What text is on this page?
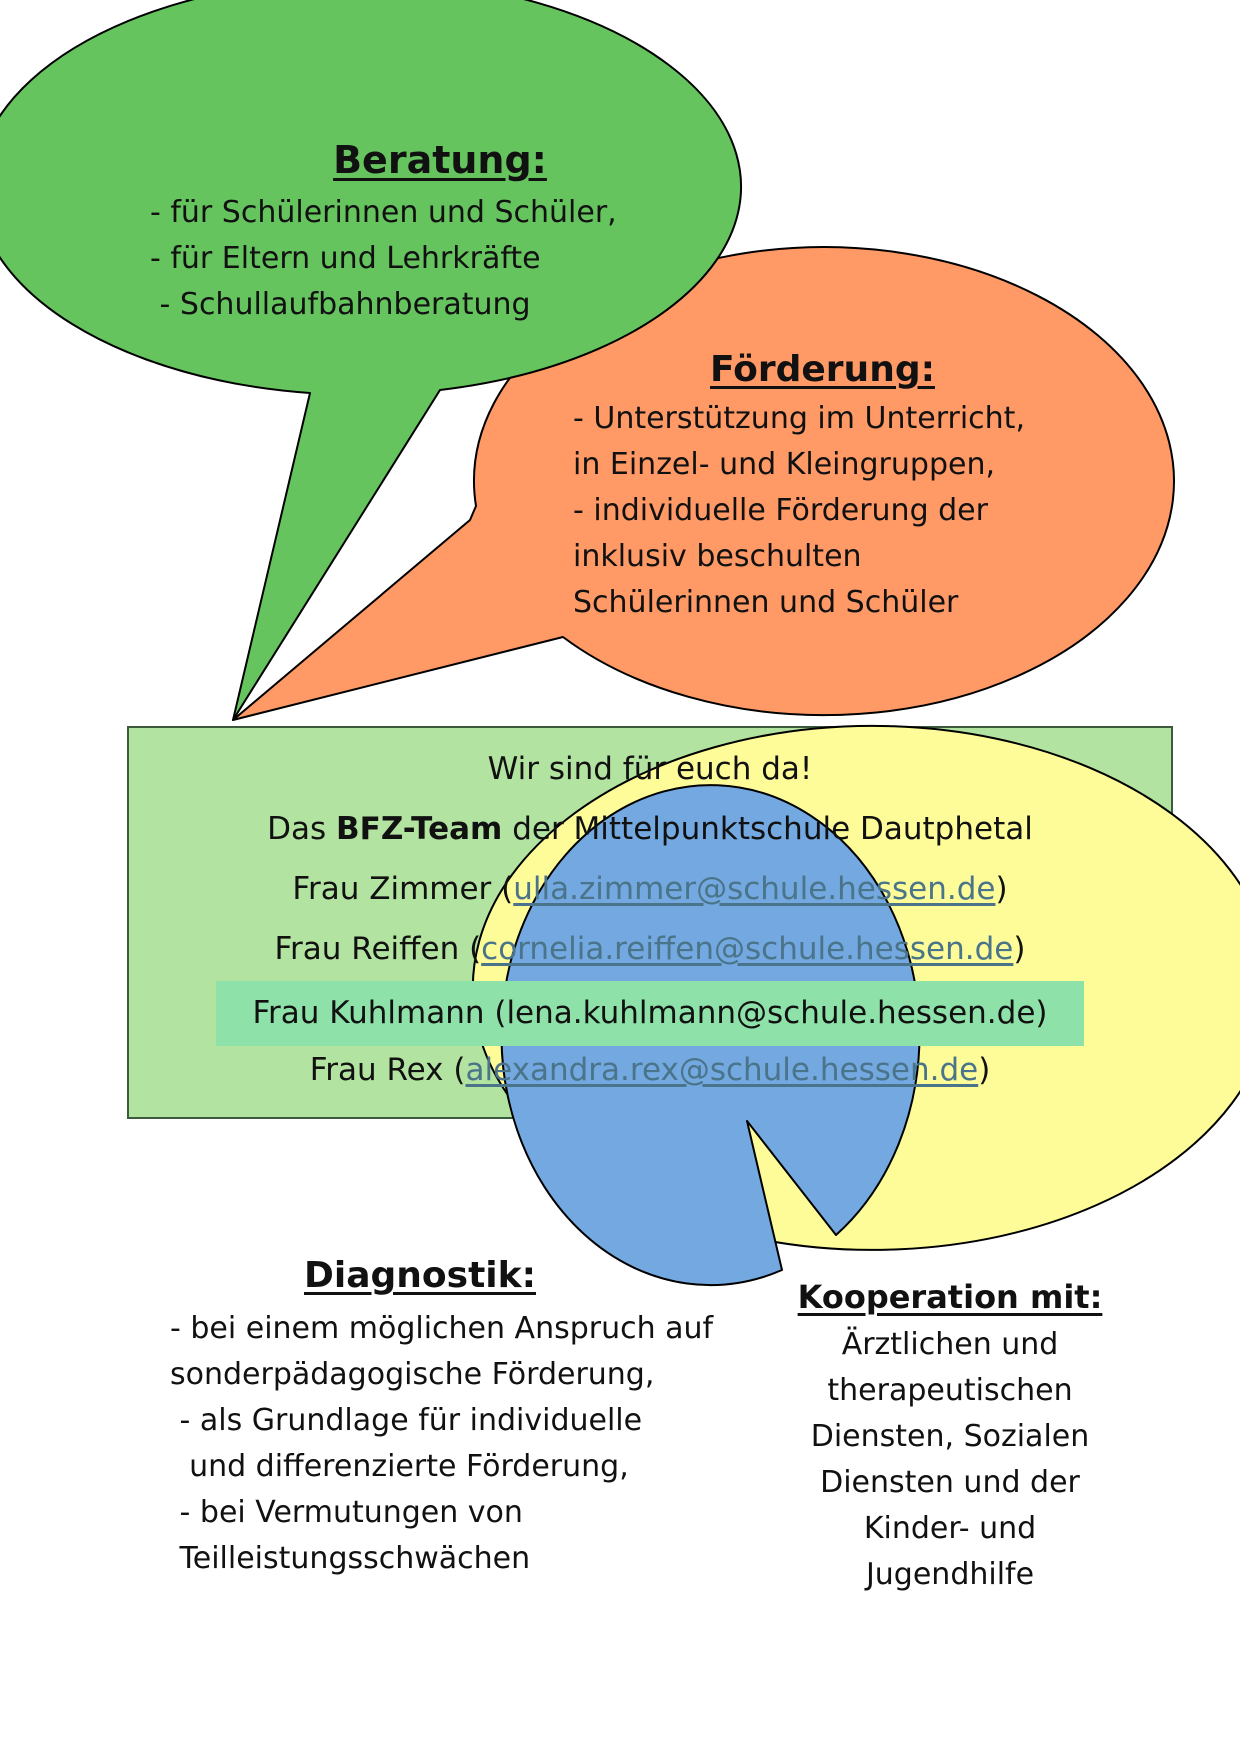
Beratung:
- für Schülerinnen und Schüler,
- für Eltern und Lehrkräfte
- Schullaufbahnberatung
Förderung:
- Unterstützung im Unterricht,
in Einzel- und Kleingruppen,
- individuelle Förderung der
inklusiv beschulten
Schülerinnen und Schüler
Wir sind für euch da!
Das BFZ-Team der Mittelpunktschule Dautphetal
Frau Zimmer (ulla.zimmer@schule.hessen.de)
Frau Reiffen (cornelia.reiffen@schule.hessen.de)
Frau Kuhlmann (lena.kuhlmann@schule.hessen.de)
Frau Rex (alexandra.rex@schule.hessen.de)
Diagnostik:
- bei einem möglichen Anspruch auf
sonderpädagogische Förderung,
- als Grundlage für individuelle
und differenzierte Förderung,
- bei Vermutungen von
Teilleistungsschwächen
Kooperation mit:
Ärztlichen und
therapeutischen
Diensten, Sozialen
Diensten und der
Kinder- und
Jugendhilfe
